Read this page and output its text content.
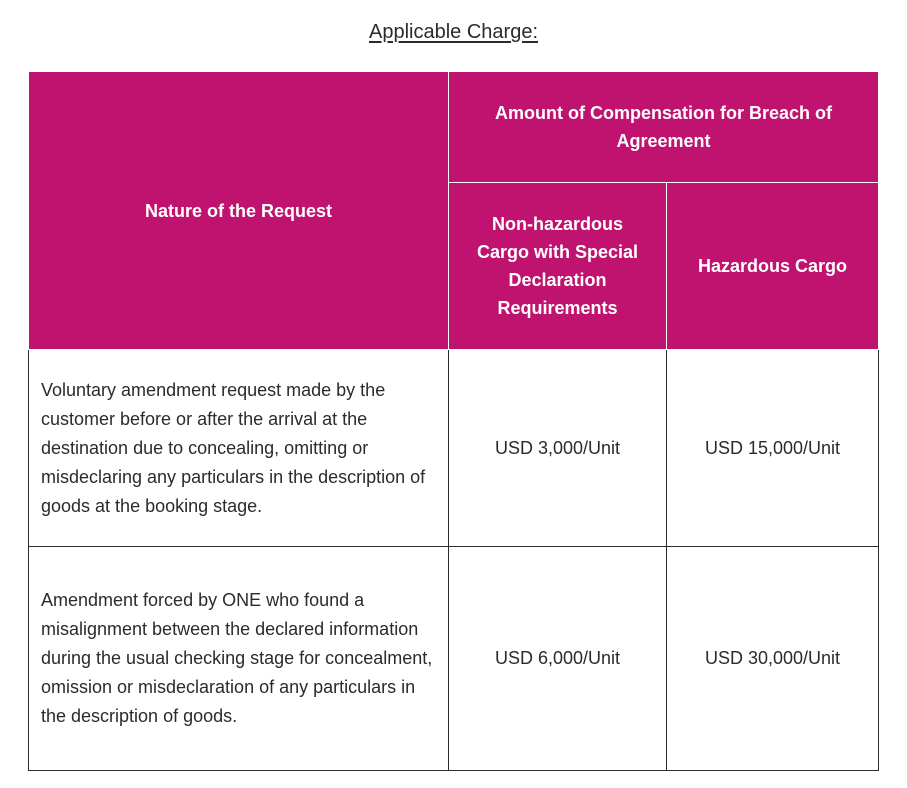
Applicable Charge:
Nature of the Request	Amount of Compensation for Breach of Agreement	
	Non-hazardous Cargo with Special Declaration Requirements	Hazardous Cargo
Voluntary amendment request made by the customer before or after the arrival at the destination due to concealing, omitting or misdeclaring any particulars in the description of goods at the booking stage.	USD 3,000/Unit	USD 15,000/Unit
Amendment forced by ONE who found a misalignment between the declared information during the usual checking stage for concealment, omission or misdeclaration of any particulars in the description of goods.	USD 6,000/Unit	USD 30,000/Unit
